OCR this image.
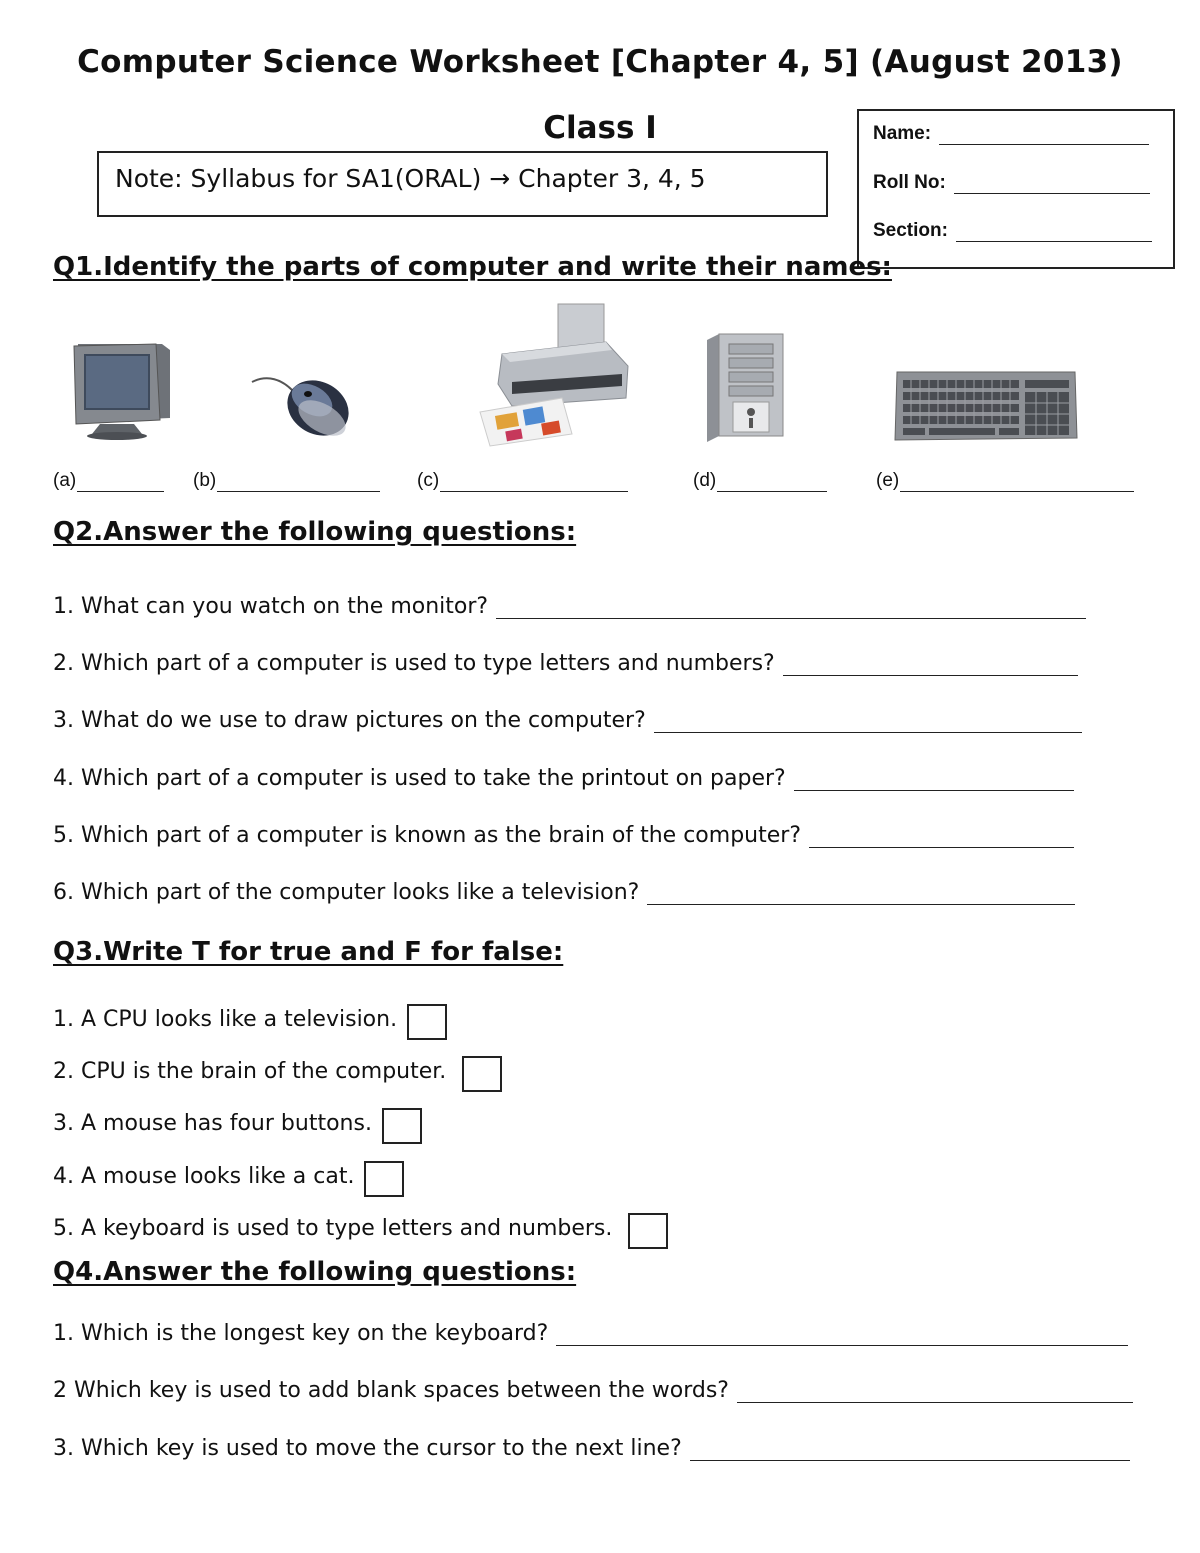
Computer Science Worksheet [Chapter 4, 5] (August 2013)
Class I
Note: Syllabus for SA1(ORAL) → Chapter 3, 4, 5
Name:
Roll No:
Section:
Q1.Identify the parts of computer and write their names:
(a)	(b)	(c)	(d)	(e)
Q2.Answer the following questions:
1. What can you watch on the monitor?
2. Which part of a computer is used to type letters and numbers?
3. What do we use to draw pictures on the computer?
4. Which part of a computer is used to take the printout on paper?
5. Which part of a computer is known as the brain of the computer?
6. Which part of the computer looks like a television?
Q3.Write T for true and F for false:
1. A CPU looks like a television.
2. CPU is the brain of the computer.
3. A mouse has four buttons.
4. A mouse looks like a cat.
5. A keyboard is used to type letters and numbers.
Q4.Answer the following questions:
1. Which is the longest key on the keyboard?
2 Which key is used to add blank spaces between the words?
3. Which key is used to move the cursor to the next line?
